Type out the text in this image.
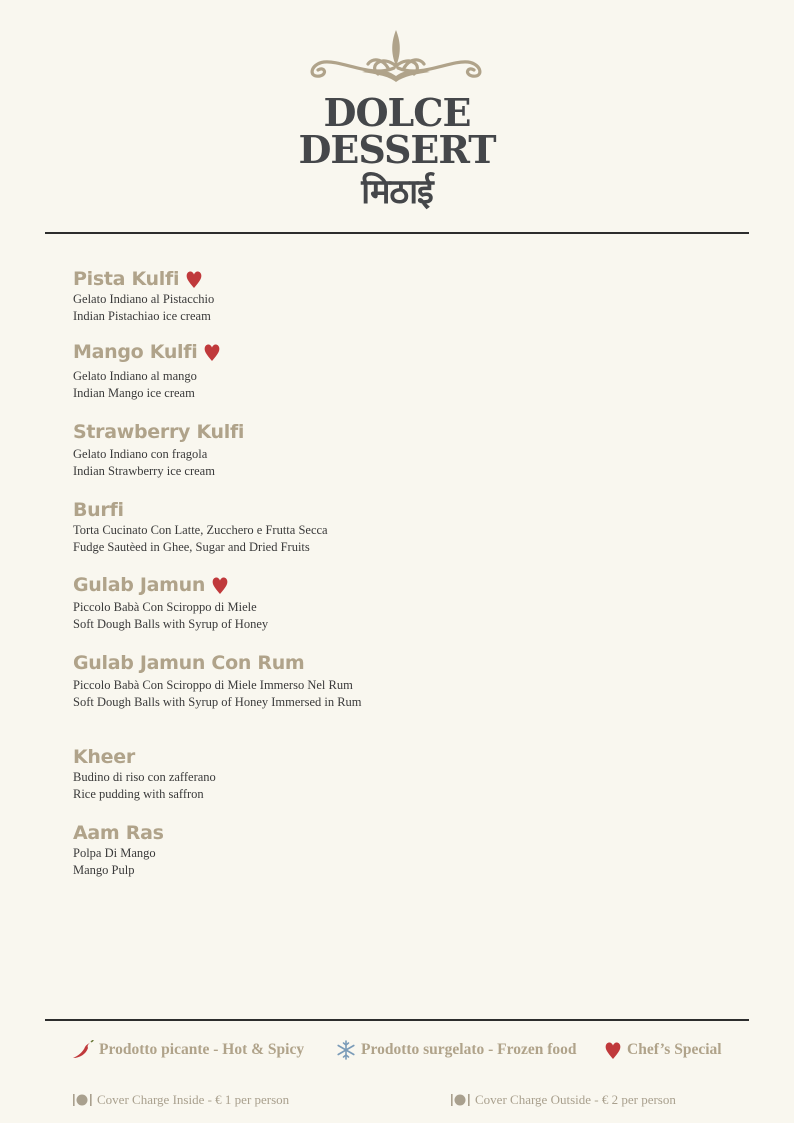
DOLCE
DESSERT
मिठाई
Pista Kulfi
Gelato Indiano al Pistacchio
Indian Pistachiao ice cream
Mango Kulfi
Gelato Indiano al mango
Indian Mango ice cream
Strawberry Kulfi
Gelato Indiano con fragola
Indian Strawberry ice cream
Burfi
Torta Cucinato Con Latte, Zucchero e Frutta Secca
Fudge Sautèed in Ghee, Sugar and Dried Fruits
Gulab Jamun
Piccolo Babà Con Sciroppo di Miele
Soft Dough Balls with Syrup of Honey
Gulab Jamun Con Rum
Piccolo Babà Con Sciroppo di Miele Immerso Nel Rum
Soft Dough Balls with Syrup of Honey Immersed in Rum
Kheer
Budino di riso con zafferano
Rice pudding with saffron
Aam Ras
Polpa Di Mango
Mango Pulp
Prodotto picante - Hot & Spicy	Prodotto surgelato - Frozen food	Chef’s Special
Cover Charge Inside - € 1 per person	Cover Charge Outside - € 2 per person
